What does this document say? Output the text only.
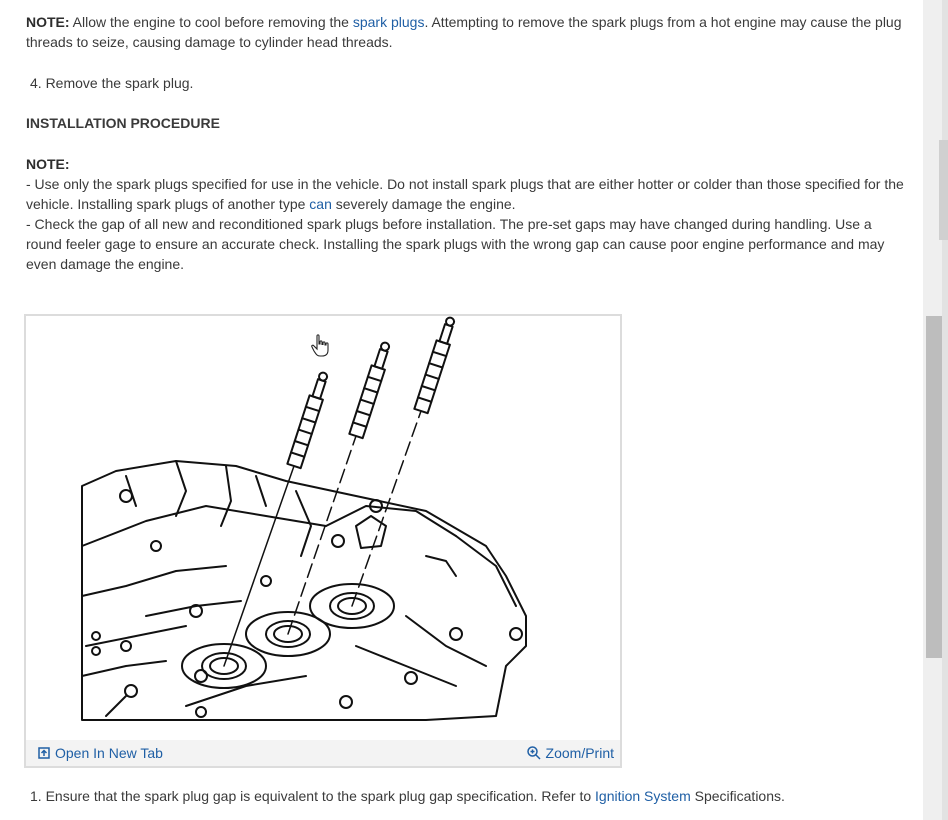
NOTE: Allow the engine to cool before removing the spark plugs. Attempting to remove the spark plugs from a hot engine may cause the plug threads to seize, causing damage to cylinder head threads.

4. Remove the spark plug.

INSTALLATION PROCEDURE

NOTE:
- Use only the spark plugs specified for use in the vehicle. Do not install spark plugs that are either hotter or colder than those specified for the vehicle. Installing spark plugs of another type can severely damage the engine.
- Check the gap of all new and reconditioned spark plugs before installation. The pre-set gaps may have changed during handling. Use a round feeler gage to ensure an accurate check. Installing the spark plugs with the wrong gap can cause poor engine performance and may even damage the engine.

1. Ensure that the spark plug gap is equivalent to the spark plug gap specification. Refer to Ignition System Specifications.

Open In New Tab	Zoom/Print
